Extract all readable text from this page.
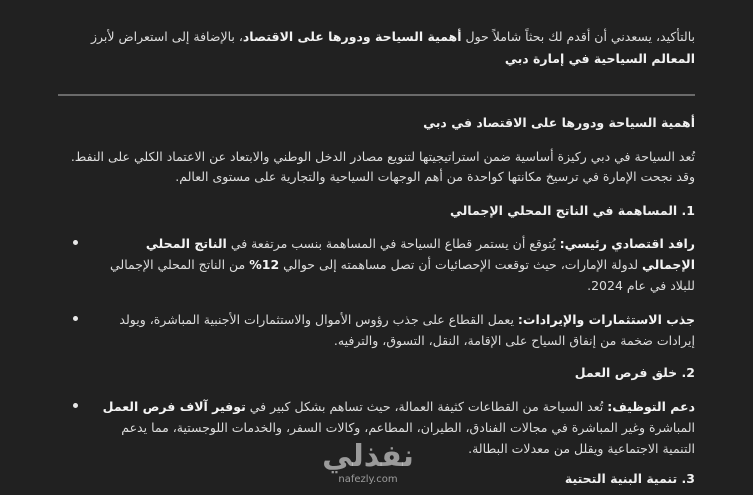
بالتأكيد، يسعدني أن أقدم لك بحثاً شاملاً حول أهمية السياحة ودورها على الاقتصاد، بالإضافة إلى استعراض لأبرز المعالم السياحية في إمارة دبي

أهمية السياحة ودورها على الاقتصاد في دبي

تُعد السياحة في دبي ركيزة أساسية ضمن استراتيجيتها لتنويع مصادر الدخل الوطني والابتعاد عن الاعتماد الكلي على النفط. وقد نجحت الإمارة في ترسيخ مكانتها كواحدة من أهم الوجهات السياحية والتجارية على مستوى العالم.

1. المساهمة في الناتج المحلي الإجمالي
رافد اقتصادي رئيسي: يُتوقع أن يستمر قطاع السياحة في المساهمة بنسب مرتفعة في الناتج المحلي الإجمالي لدولة الإمارات، حيث توقعت الإحصائيات أن تصل مساهمته إلى حوالي 12% من الناتج المحلي الإجمالي للبلاد في عام 2024.
جذب الاستثمارات والإيرادات: يعمل القطاع على جذب رؤوس الأموال والاستثمارات الأجنبية المباشرة، ويولد إيرادات ضخمة من إنفاق السياح على الإقامة، النقل، التسوق، والترفيه.
2. خلق فرص العمل
دعم التوظيف: تُعد السياحة من القطاعات كثيفة العمالة، حيث تساهم بشكل كبير في توفير آلاف فرص العمل المباشرة وغير المباشرة في مجالات الفنادق، الطيران، المطاعم، وكالات السفر، والخدمات اللوجستية، مما يدعم التنمية الاجتماعية ويقلل من معدلات البطالة.
3. تنمية البنية التحتية
نفذلي
nafezly.com
